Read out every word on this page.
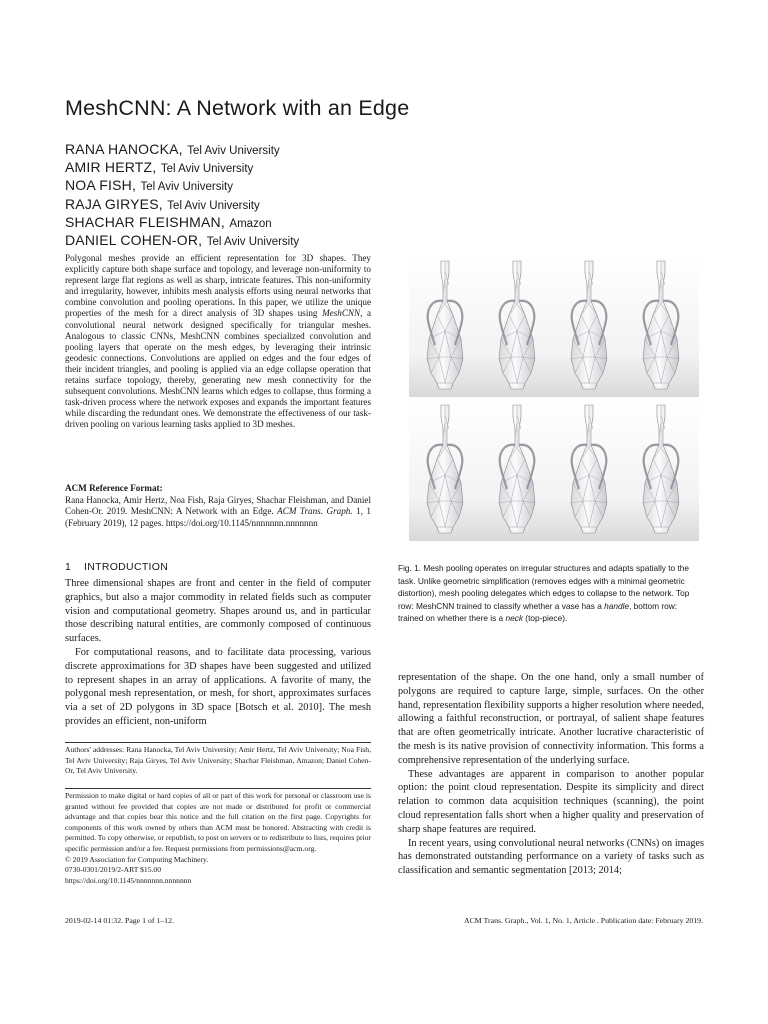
MeshCNN: A Network with an Edge
RANA HANOCKA, Tel Aviv University
AMIR HERTZ, Tel Aviv University
NOA FISH, Tel Aviv University
RAJA GIRYES, Tel Aviv University
SHACHAR FLEISHMAN, Amazon
DANIEL COHEN-OR, Tel Aviv University
Polygonal meshes provide an efficient representation for 3D shapes. They explicitly capture both shape surface and topology, and leverage non-uniformity to represent large flat regions as well as sharp, intricate features. This non-uniformity and irregularity, however, inhibits mesh analysis efforts using neural networks that combine convolution and pooling operations. In this paper, we utilize the unique properties of the mesh for a direct analysis of 3D shapes using MeshCNN, a convolutional neural network designed specifically for triangular meshes. Analogous to classic CNNs, MeshCNN combines specialized convolution and pooling layers that operate on the mesh edges, by leveraging their intrinsic geodesic connections. Convolutions are applied on edges and the four edges of their incident triangles, and pooling is applied via an edge collapse operation that retains surface topology, thereby, generating new mesh connectivity for the subsequent convolutions. MeshCNN learns which edges to collapse, thus forming a task-driven process where the network exposes and expands the important features while discarding the redundant ones. We demonstrate the effectiveness of our task-driven pooling on various learning tasks applied to 3D meshes.
ACM Reference Format:
Rana Hanocka, Amir Hertz, Noa Fish, Raja Giryes, Shachar Fleishman, and Daniel Cohen-Or. 2019. MeshCNN: A Network with an Edge. ACM Trans. Graph. 1, 1 (February 2019), 12 pages. https://doi.org/10.1145/nnnnnnn.nnnnnnn
1    INTRODUCTION

Three dimensional shapes are front and center in the field of computer graphics, but also a major commodity in related fields such as computer vision and computational geometry. Shapes around us, and in particular those describing natural entities, are commonly composed of continuous surfaces.

For computational reasons, and to facilitate data processing, various discrete approximations for 3D shapes have been suggested and utilized to represent shapes in an array of applications. A favorite of many, the polygonal mesh representation, or mesh, for short, approximates surfaces via a set of 2D polygons in 3D space [Botsch et al. 2010]. The mesh provides an efficient, non-uniform

Fig. 1. Mesh pooling operates on irregular structures and adapts spatially to the task. Unlike geometric simplification (removes edges with a minimal geometric distortion), mesh pooling delegates which edges to collapse to the network. Top row: MeshCNN trained to classify whether a vase has a handle, bottom row: trained on whether there is a neck (top-piece).

representation of the shape. On the one hand, only a small number of polygons are required to capture large, simple, surfaces. On the other hand, representation flexibility supports a higher resolution where needed, allowing a faithful reconstruction, or portrayal, of salient shape features that are often geometrically intricate. Another lucrative characteristic of the mesh is its native provision of connectivity information. This forms a comprehensive representation of the underlying surface.

These advantages are apparent in comparison to another popular option: the point cloud representation. Despite its simplicity and direct relation to common data acquisition techniques (scanning), the point cloud representation falls short when a higher quality and preservation of sharp shape features are required.

In recent years, using convolutional neural networks (CNNs) on images has demonstrated outstanding performance on a variety of tasks such as classification and semantic segmentation [2013; 2014;

Authors' addresses: Rana Hanocka, Tel Aviv University; Amir Hertz, Tel Aviv University; Noa Fish, Tel Aviv University; Raja Giryes, Tel Aviv University; Shachar Fleishman, Amazon; Daniel Cohen-Or, Tel Aviv University.
Permission to make digital or hard copies of all or part of this work for personal or classroom use is granted without fee provided that copies are not made or distributed for profit or commercial advantage and that copies bear this notice and the full citation on the first page. Copyrights for components of this work owned by others than ACM must be honored. Abstracting with credit is permitted. To copy otherwise, or republish, to post on servers or to redistribute to lists, requires prior specific permission and/or a fee. Request permissions from permissions@acm.org.
© 2019 Association for Computing Machinery.
0730-0301/2019/2-ART $15.00
https://doi.org/10.1145/nnnnnnn.nnnnnnn
2019-02-14 01:32. Page 1 of 1–12.	ACM Trans. Graph., Vol. 1, No. 1, Article . Publication date: February 2019.
